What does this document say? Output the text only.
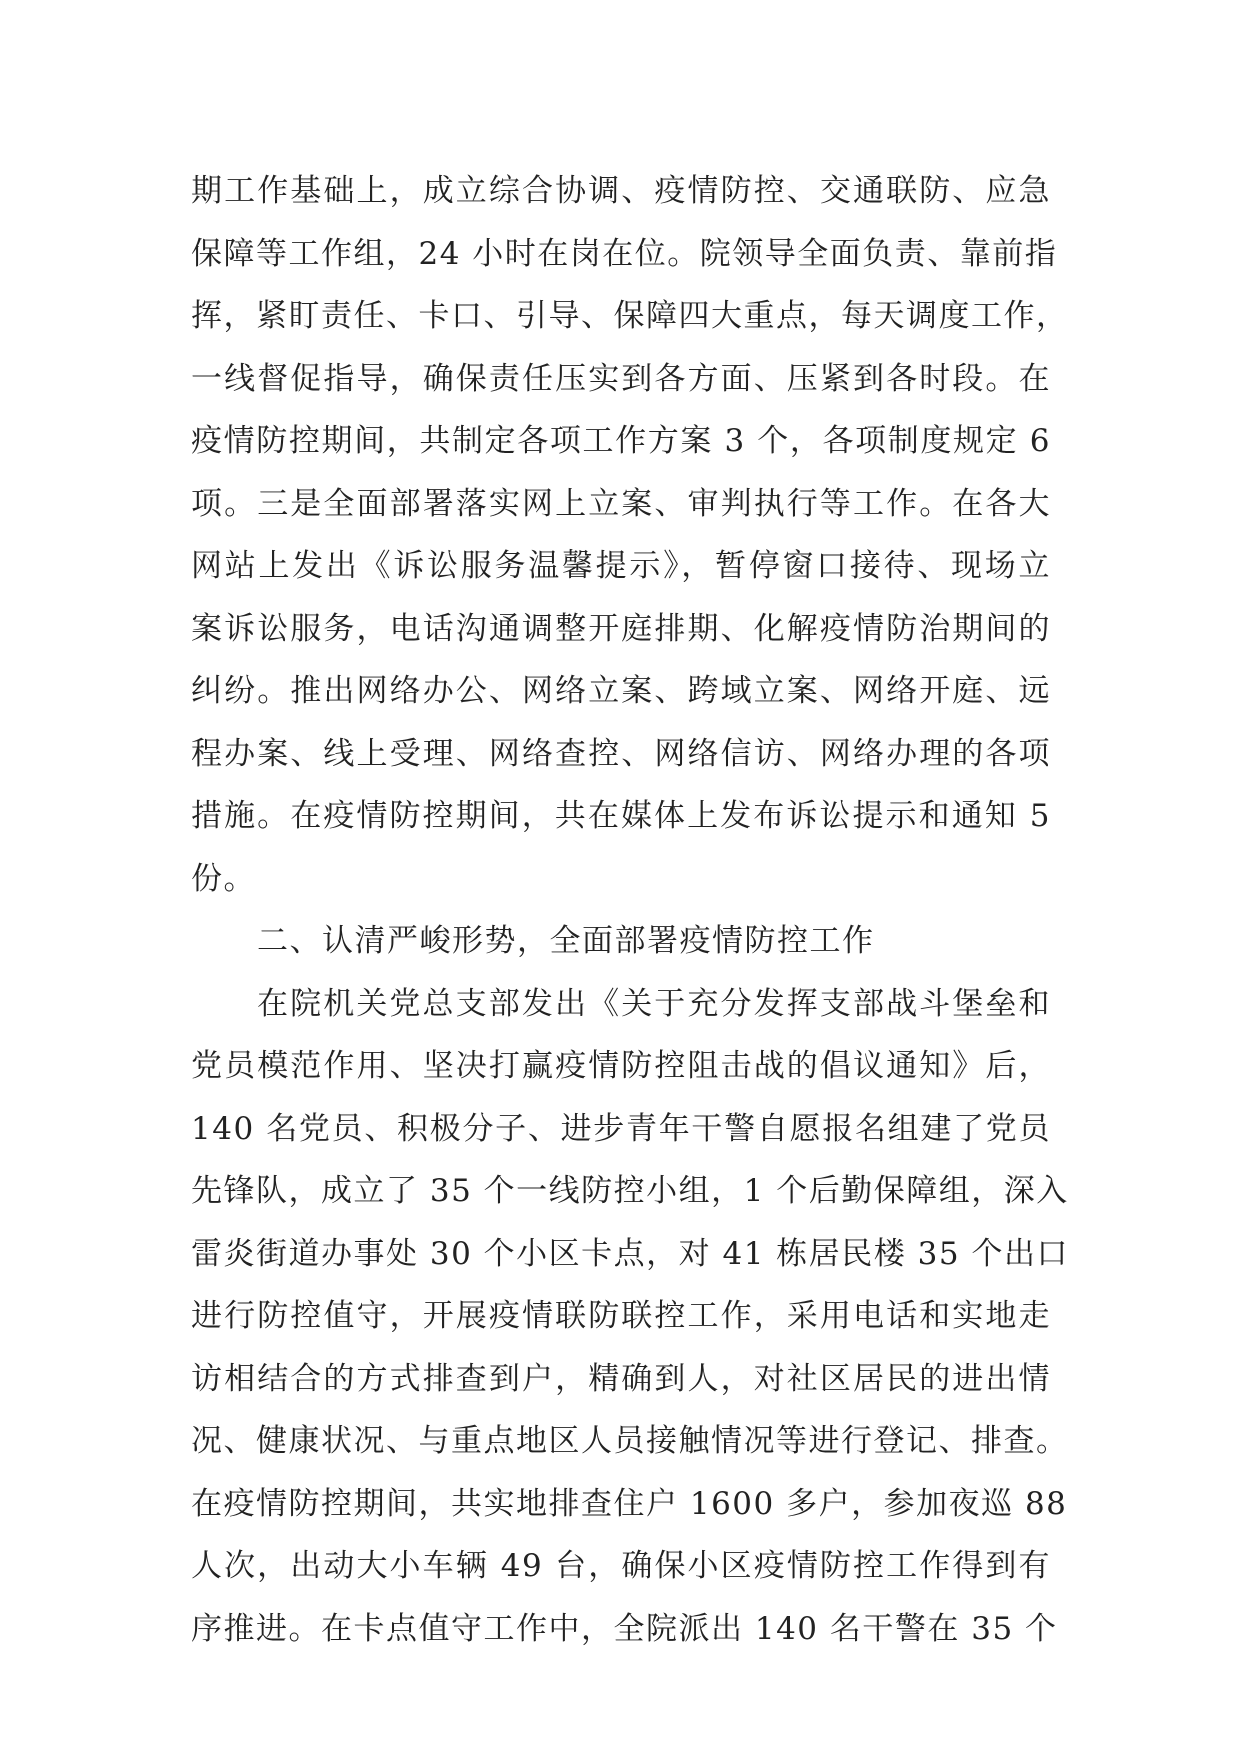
期工作基础上，成立综合协调、疫情防控、交通联防、应急
保障等工作组，24 小时在岗在位。院领导全面负责、靠前指
挥，紧盯责任、卡口、引导、保障四大重点，每天调度工作，
一线督促指导，确保责任压实到各方面、压紧到各时段。在
疫情防控期间，共制定各项工作方案 3 个，各项制度规定 6
项。三是全面部署落实网上立案、审判执行等工作。在各大
网站上发出《诉讼服务温馨提示》，暂停窗口接待、现场立
案诉讼服务，电话沟通调整开庭排期、化解疫情防治期间的
纠纷。推出网络办公、网络立案、跨域立案、网络开庭、远
程办案、线上受理、网络查控、网络信访、网络办理的各项
措施。在疫情防控期间，共在媒体上发布诉讼提示和通知 5
份。
二、认清严峻形势，全面部署疫情防控工作
在院机关党总支部发出《关于充分发挥支部战斗堡垒和
党员模范作用、坚决打赢疫情防控阻击战的倡议通知》后，
140 名党员、积极分子、进步青年干警自愿报名组建了党员
先锋队，成立了 35 个一线防控小组，1 个后勤保障组，深入
雷炎街道办事处 30 个小区卡点，对 41 栋居民楼 35 个出口
进行防控值守，开展疫情联防联控工作，采用电话和实地走
访相结合的方式排查到户，精确到人，对社区居民的进出情
况、健康状况、与重点地区人员接触情况等进行登记、排查。
在疫情防控期间，共实地排查住户 1600 多户，参加夜巡 88
人次，出动大小车辆 49 台，确保小区疫情防控工作得到有
序推进。在卡点值守工作中，全院派出 140 名干警在 35 个
